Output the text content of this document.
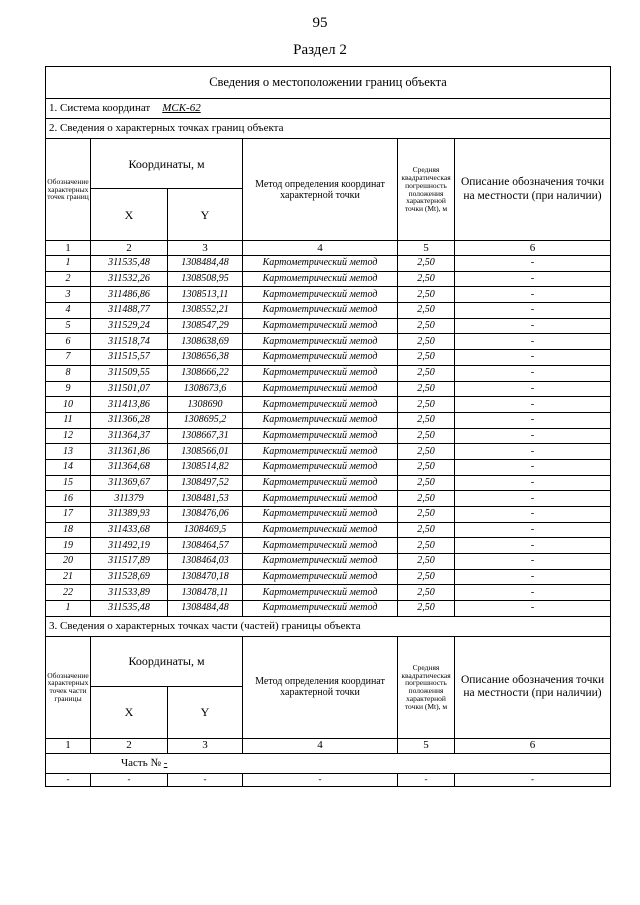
95
Раздел 2
Сведения о местоположении границ объекта					
1. Система координат МСК-62					
2. Сведения о характерных точках границ объекта					
Обозначение характерных точек границ	Координаты, м		Метод определения координат характерной точки	Средняя квадратическая погрешность положения характерной точки (Mt), м	Описание обозначения точки на местности (при наличии)
	X	Y			
1	2	3	4	5	6
1	311535,48	1308484,48	Картометрический метод	2,50	-
2	311532,26	1308508,95	Картометрический метод	2,50	-
3	311486,86	1308513,11	Картометрический метод	2,50	-
4	311488,77	1308552,21	Картометрический метод	2,50	-
5	311529,24	1308547,29	Картометрический метод	2,50	-
6	311518,74	1308638,69	Картометрический метод	2,50	-
7	311515,57	1308656,38	Картометрический метод	2,50	-
8	311509,55	1308666,22	Картометрический метод	2,50	-
9	311501,07	1308673,6	Картометрический метод	2,50	-
10	311413,86	1308690	Картометрический метод	2,50	-
11	311366,28	1308695,2	Картометрический метод	2,50	-
12	311364,37	1308667,31	Картометрический метод	2,50	-
13	311361,86	1308566,01	Картометрический метод	2,50	-
14	311364,68	1308514,82	Картометрический метод	2,50	-
15	311369,67	1308497,52	Картометрический метод	2,50	-
16	311379	1308481,53	Картометрический метод	2,50	-
17	311389,93	1308476,06	Картометрический метод	2,50	-
18	311433,68	1308469,5	Картометрический метод	2,50	-
19	311492,19	1308464,57	Картометрический метод	2,50	-
20	311517,89	1308464,03	Картометрический метод	2,50	-
21	311528,69	1308470,18	Картометрический метод	2,50	-
22	311533,89	1308478,11	Картометрический метод	2,50	-
1	311535,48	1308484,48	Картометрический метод	2,50	-
3. Сведения о характерных точках части (частей) границы объекта					
Обозначение характерных точек части границы	Координаты, м		Метод определения координат характерной точки	Средняя квадратическая погрешность положения характерной точки (Mt), м	Описание обозначения точки на местности (при наличии)
	X	Y			
1	2	3	4	5	6
Часть № -					
-	-	-	-	-	-
